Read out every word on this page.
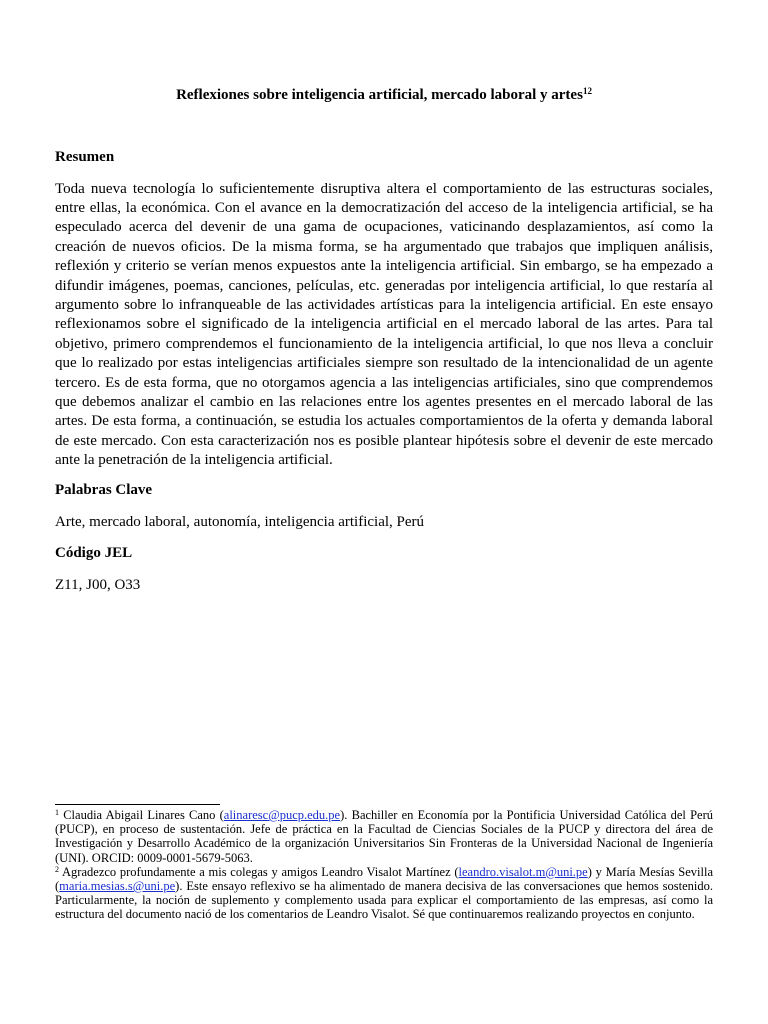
Reflexiones sobre inteligencia artificial, mercado laboral y artes$^{12}$
Resumen

Toda nueva tecnología lo suficientemente disruptiva altera el comportamiento de las estructuras sociales, entre ellas, la económica. Con el avance en la democratización del acceso de la inteligencia artificial, se ha especulado acerca del devenir de una gama de ocupaciones, vaticinando desplazamientos, así como la creación de nuevos oficios. De la misma forma, se ha argumentado que trabajos que impliquen análisis, reflexión y criterio se verían menos expuestos ante la inteligencia artificial. Sin embargo, se ha empezado a difundir imágenes, poemas, canciones, películas, etc. generadas por inteligencia artificial, lo que restaría al argumento sobre lo infranqueable de las actividades artísticas para la inteligencia artificial. En este ensayo reflexionamos sobre el significado de la inteligencia artificial en el mercado laboral de las artes. Para tal objetivo, primero comprendemos el funcionamiento de la inteligencia artificial, lo que nos lleva a concluir que lo realizado por estas inteligencias artificiales siempre son resultado de la intencionalidad de un agente tercero. Es de esta forma, que no otorgamos agencia a las inteligencias artificiales, sino que comprendemos que debemos analizar el cambio en las relaciones entre los agentes presentes en el mercado laboral de las artes. De esta forma, a continuación, se estudia los actuales comportamientos de la oferta y demanda laboral de este mercado. Con esta caracterización nos es posible plantear hipótesis sobre el devenir de este mercado ante la penetración de la inteligencia artificial.

Palabras Clave

Arte, mercado laboral, autonomía, inteligencia artificial, Perú

Código JEL

Z11, J00, O33

$^1$ Claudia Abigail Linares Cano (alinaresc@pucp.edu.pe). Bachiller en Economía por la Pontificia Universidad Católica del Perú (PUCP), en proceso de sustentación. Jefe de práctica en la Facultad de Ciencias Sociales de la PUCP y directora del área de Investigación y Desarrollo Académico de la organización Universitarios Sin Fronteras de la Universidad Nacional de Ingeniería (UNI). ORCID: 0009-0001-5679-5063.

$^2$ Agradezco profundamente a mis colegas y amigos Leandro Visalot Martínez (leandro.visalot.m@uni.pe) y María Mesías Sevilla (maria.mesias.s@uni.pe). Este ensayo reflexivo se ha alimentado de manera decisiva de las conversaciones que hemos sostenido. Particularmente, la noción de suplemento y complemento usada para explicar el comportamiento de las empresas, así como la estructura del documento nació de los comentarios de Leandro Visalot. Sé que continuaremos realizando proyectos en conjunto.
